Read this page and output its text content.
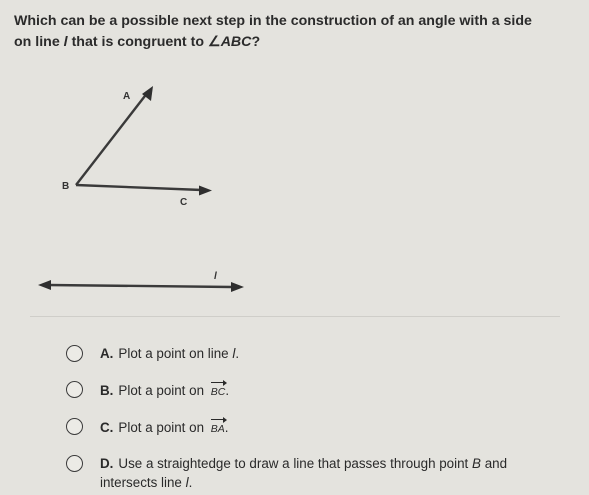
Which can be a possible next step in the construction of an angle with a side
on line l that is congruent to ∠ABC?
A
B
C
l
A. Plot a point on line l.
B. Plot a point on BC.
C. Plot a point on BA.
D. Use a straightedge to draw a line that passes through point B and
intersects line l.
